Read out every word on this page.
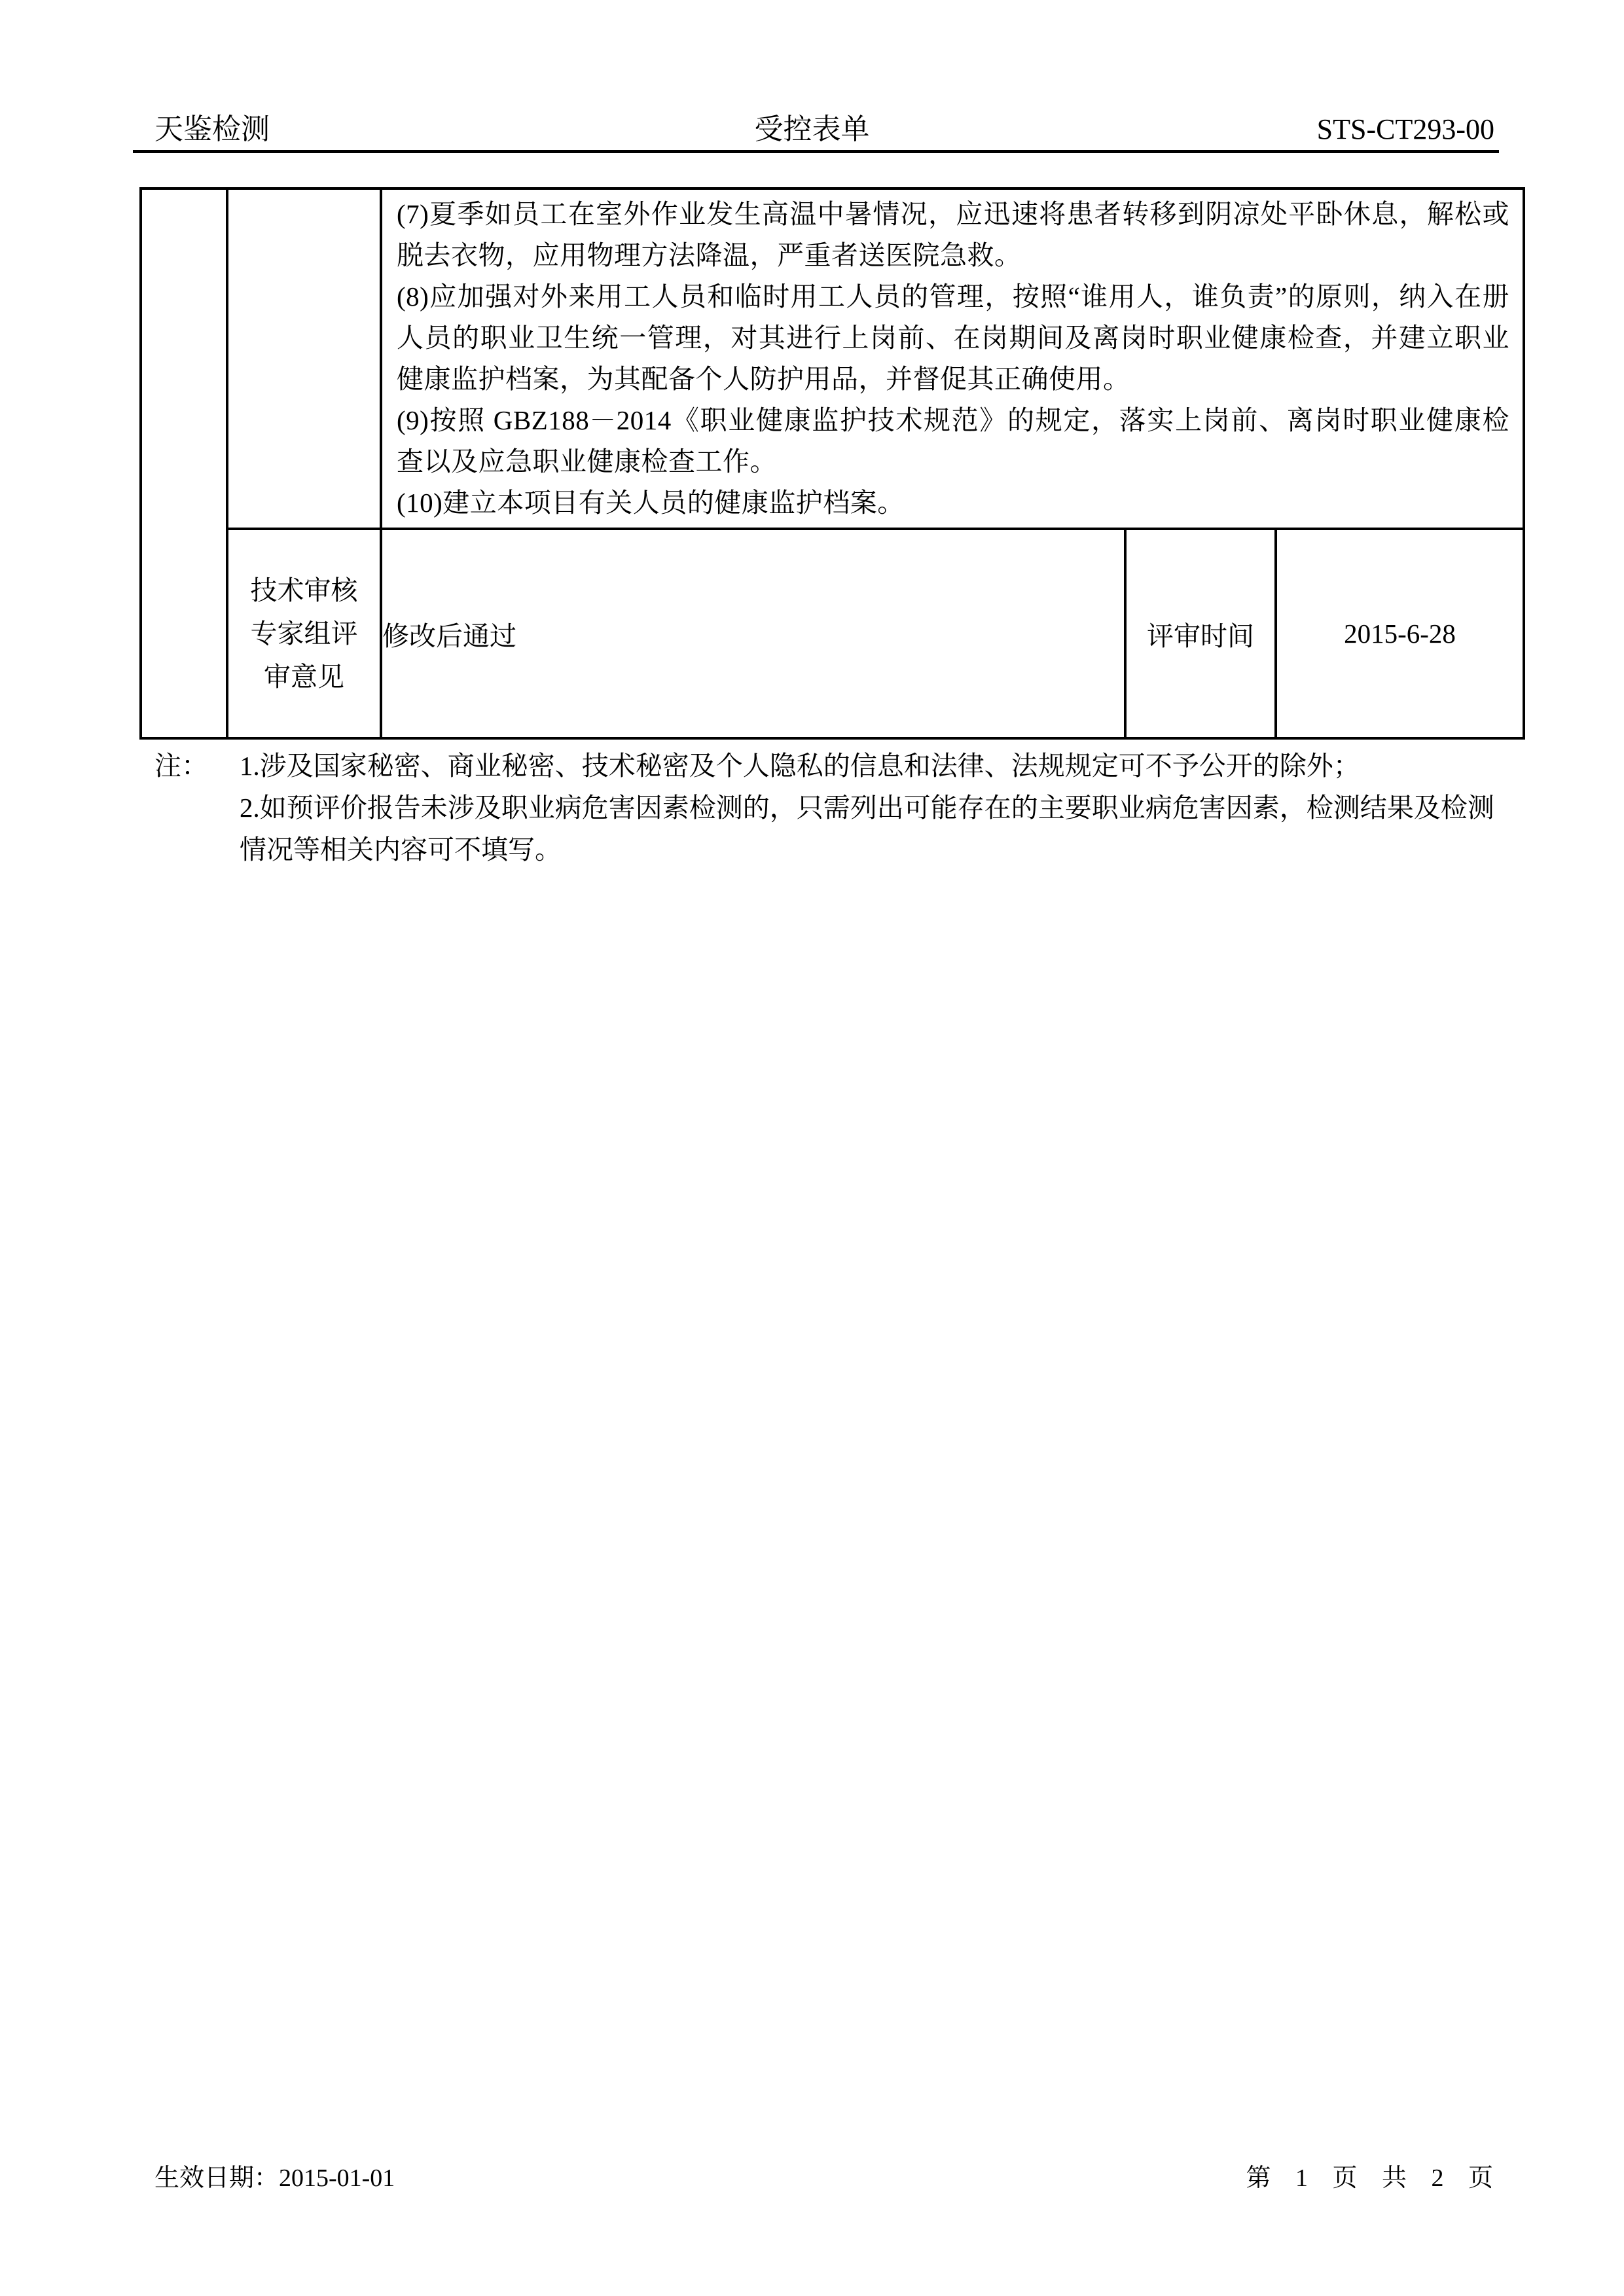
天鉴检测	受控表单	STS-CT293-00

		(7)夏季如员工在室外作业发生高温中暑情况，应迅速将患者转移到阴凉处平卧休息，解松或脱去衣物，应用物理方法降温，严重者送医院急救。

(8)应加强对外来用工人员和临时用工人员的管理，按照“谁用人，谁负责”的原则，纳入在册人员的职业卫生统一管理，对其进行上岗前、在岗期间及离岗时职业健康检查，并建立职业健康监护档案，为其配备个人防护用品，并督促其正确使用。

(9)按照 GBZ188－2014《职业健康监护技术规范》的规定，落实上岗前、离岗时职业健康检查以及应急职业健康检查工作。

(10)建立本项目有关人员的健康监护档案。		

	技术审核
专家组评
审意见	修改后通过	评审时间	2015-6-28
注：	1.涉及国家秘密、商业秘密、技术秘密及个人隐私的信息和法律、法规规定可不予公开的除外；
2.如预评价报告未涉及职业病危害因素检测的，只需列出可能存在的主要职业病危害因素，检测结果及检测情况等相关内容可不填写。
生效日期：2015-01-01	第 1 页 共 2 页
